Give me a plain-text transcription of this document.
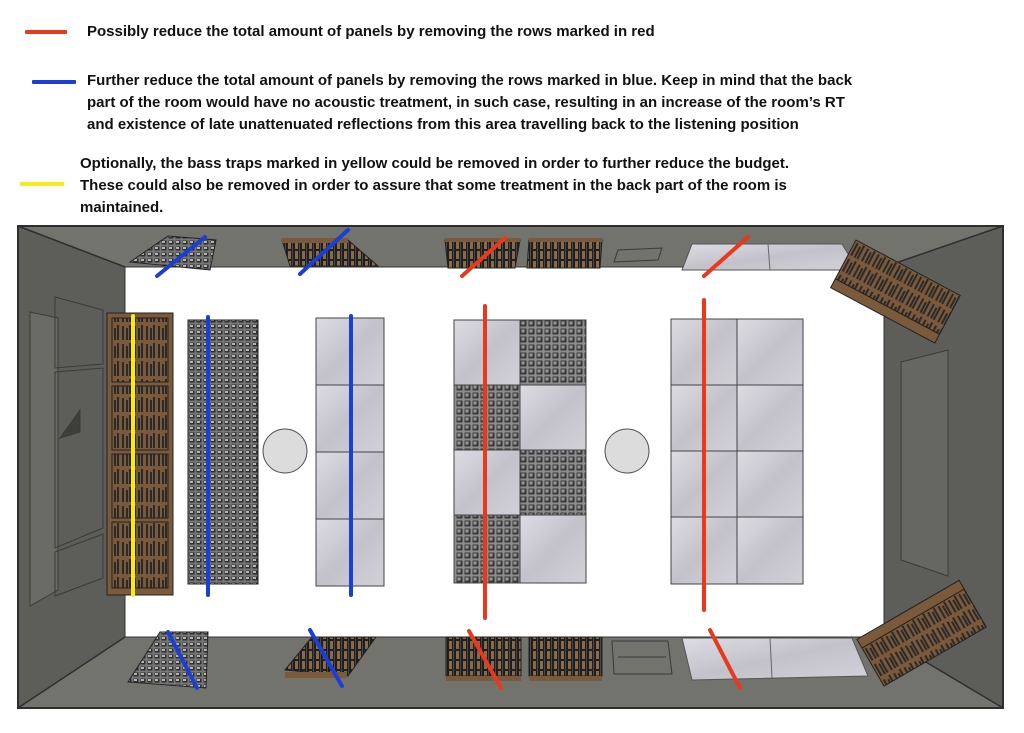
Possibly reduce the total amount of panels by removing the rows marked in red

Further reduce the total amount of panels by removing the rows marked in blue. Keep in mind that the back

part of the room would have no acoustic treatment, in such case, resulting in an increase of the room’s RT

and existence of late unattenuated reflections from this area travelling back to the listening position

Optionally, the bass traps marked in yellow could be removed in order to further reduce the budget.

These could also be removed in order to assure that some treatment in the back part of the room is

maintained.
